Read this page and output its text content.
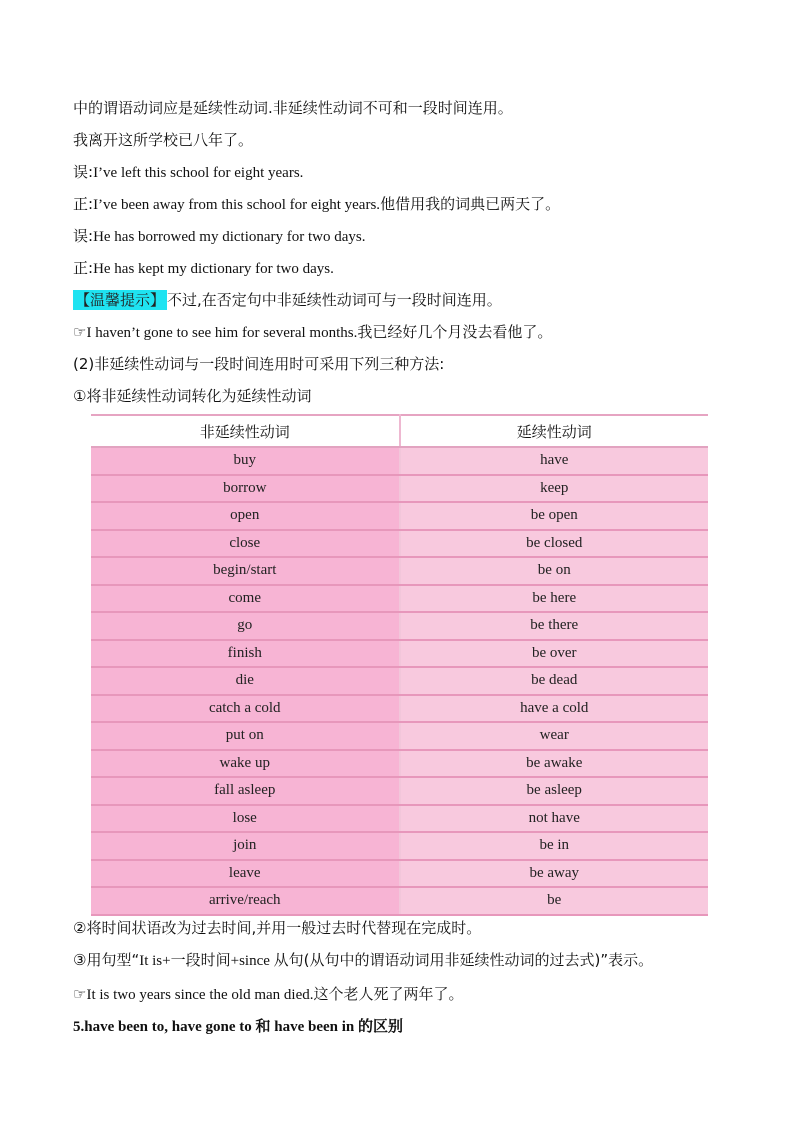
中的谓语动词应是延续性动词.非延续性动词不可和一段时间连用。
我离开这所学校已八年了。
误:I’ve left this school for eight years.
正:I’ve been away from this school for eight years.他借用我的词典已两天了。
误:He has borrowed my dictionary for two days.
正:He has kept my dictionary for two days.
【温馨提示】 不过,在否定句中非延续性动词可与一段时间连用。
☞I haven’t gone to see him for several months.我已经好几个月没去看他了。
(2)非延续性动词与一段时间连用时可采用下列三种方法:
①将非延续性动词转化为延续性动词
非延续性动词	延续性动词
buy	have
borrow	keep
open	be open
close	be closed
begin/start	be on
come	be here
go	be there
finish	be over
die	be dead
catch a cold	have a cold
put on	wear
wake up	be awake
fall asleep	be asleep
lose	not have
join	be in
leave	be away
arrive/reach	be
②将时间状语改为过去时间,并用一般过去时代替现在完成时。
③用句型“It is+一段时间+since 从句(从句中的谓语动词用非延续性动词的过去式)”表示。
☞It is two years since the old man died.这个老人死了两年了。
5.have been to, have gone to 和 have been in 的区别
